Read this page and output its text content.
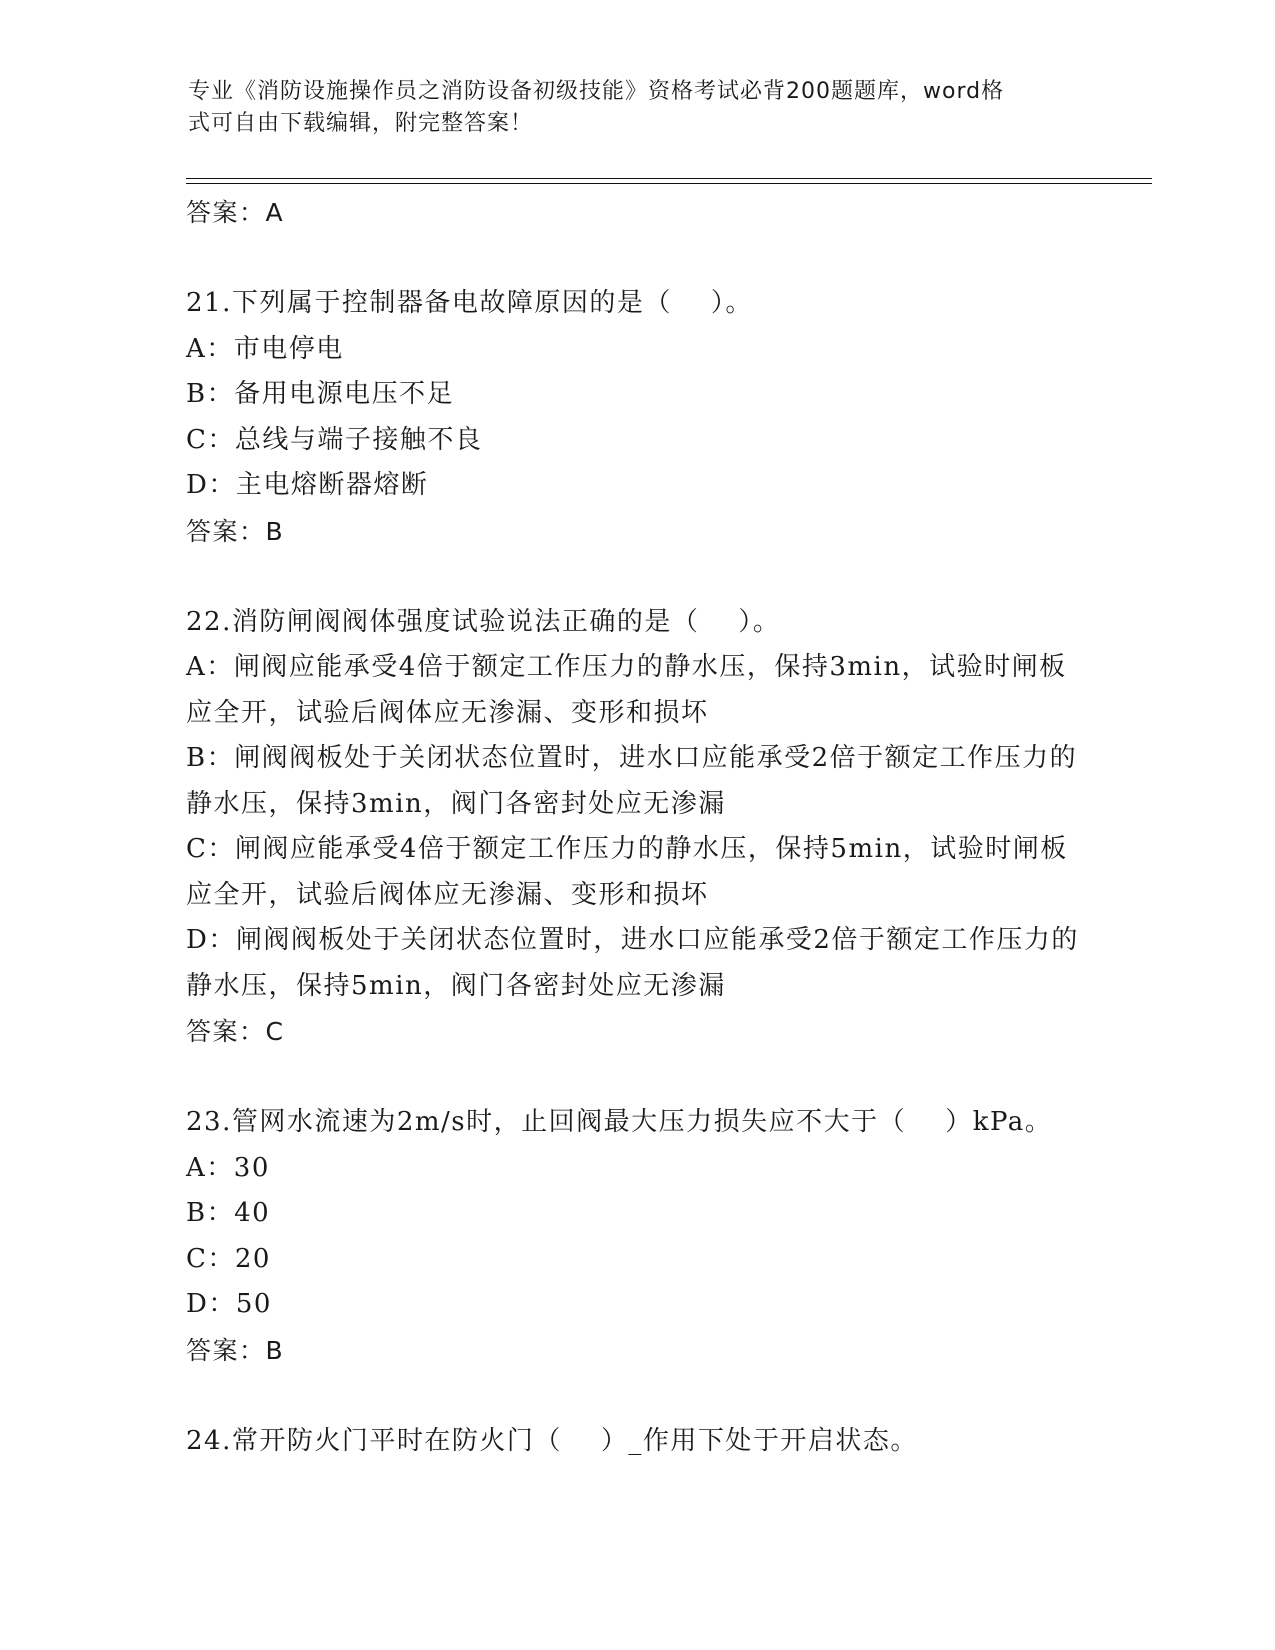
专业《消防设施操作员之消防设备初级技能》资格考试必背200题题库，word格
式可自由下载编辑，附完整答案！
答案：A
21.下列属于控制器备电故障原因的是（    ）。
A：市电停电
B：备用电源电压不足
C：总线与端子接触不良
D：主电熔断器熔断
答案：B
22.消防闸阀阀体强度试验说法正确的是（    ）。
A：闸阀应能承受4倍于额定工作压力的静水压，保持3min，试验时闸板应全开，试验后阀体应无渗漏、变形和损坏
B：闸阀阀板处于关闭状态位置时，进水口应能承受2倍于额定工作压力的静水压，保持3min，阀门各密封处应无渗漏
C：闸阀应能承受4倍于额定工作压力的静水压，保持5min，试验时闸板应全开，试验后阀体应无渗漏、变形和损坏
D：闸阀阀板处于关闭状态位置时，进水口应能承受2倍于额定工作压力的静水压，保持5min，阀门各密封处应无渗漏
答案：C
23.管网水流速为2m/s时，止回阀最大压力损失应不大于（    ）kPa。
A：30
B：40
C：20
D：50
答案：B
24.常开防火门平时在防火门（    ）_作用下处于开启状态。
